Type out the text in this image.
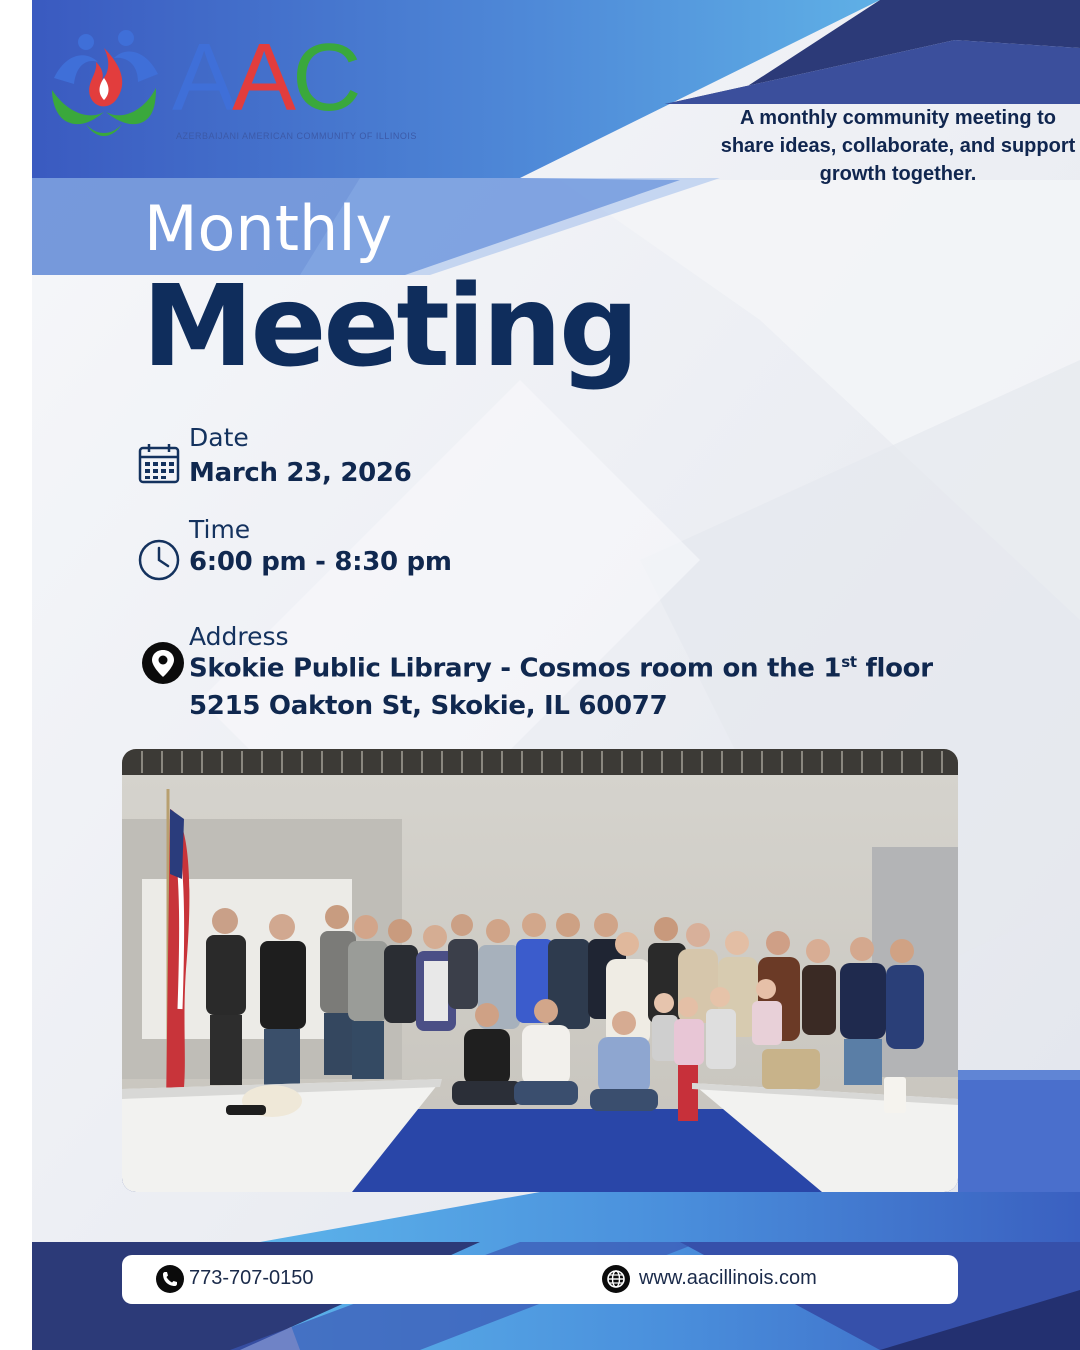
AAC
AZERBAIJANI AMERICAN COMMUNITY OF ILLINOIS
A monthly community meeting to share ideas, collaborate, and support growth together.
Monthly
Meeting
Date
March 23, 2026
Time
6:00 pm - 8:30 pm
Address
Skokie Public Library - Cosmos room on the 1st floor
5215 Oakton St, Skokie, IL 60077
773-707-0150	www.aacillinois.com
